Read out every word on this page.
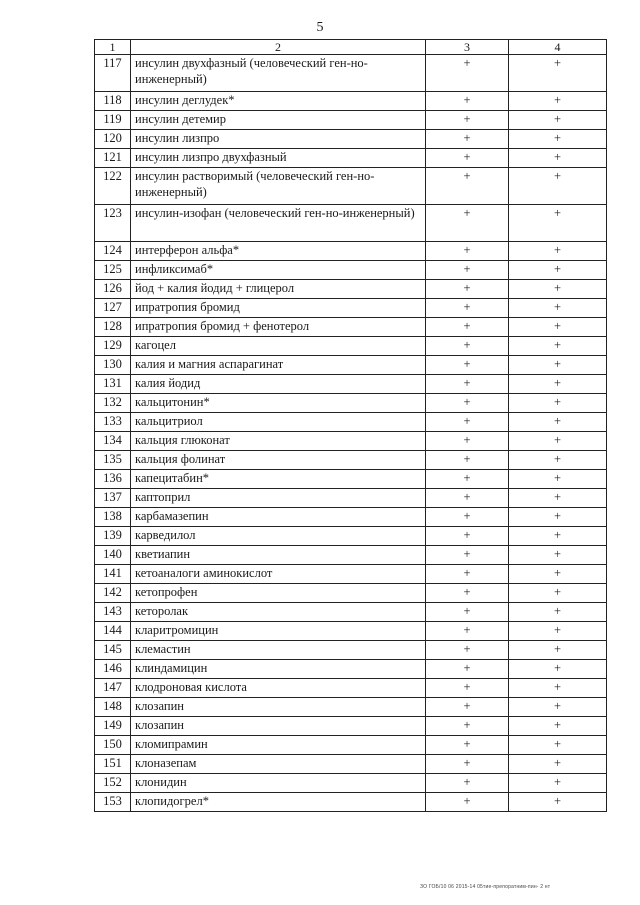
5
1	2	3	4
117	инсулин двухфазный (человеческий ген-но-инженерный)	+	+
118	инсулин деглудек*	+	+
119	инсулин детемир	+	+
120	инсулин лизпро	+	+
121	инсулин лизпро двухфазный	+	+
122	инсулин растворимый (человеческий ген-но-инженерный)	+	+
123	инсулин-изофан (человеческий ген-но-инженерный)	+	+
124	интерферон альфа*	+	+
125	инфликсимаб*	+	+
126	йод + калия йодид + глицерол	+	+
127	ипратропия бромид	+	+
128	ипратропия бромид + фенотерол	+	+
129	кагоцел	+	+
130	калия и магния аспарагинат	+	+
131	калия йодид	+	+
132	кальцитонин*	+	+
133	кальцитриол	+	+
134	кальция глюконат	+	+
135	кальция фолинат	+	+
136	капецитабин*	+	+
137	каптоприл	+	+
138	карбамазепин	+	+
139	карведилол	+	+
140	кветиапин	+	+
141	кетоаналоги аминокислот	+	+
142	кетопрофен	+	+
143	кеторолак	+	+
144	кларитромицин	+	+
145	клемастин	+	+
146	клиндамицин	+	+
147	клодроновая кислота	+	+
148	клозапин	+	+
149	клозапин	+	+
150	кломипрамин	+	+
151	клоназепам	+	+
152	клонидин	+	+
153	клопидогрел*	+	+
ЗО ГОБ/10 06 2015-14 05тие-препоратним-пин- 2 нт
